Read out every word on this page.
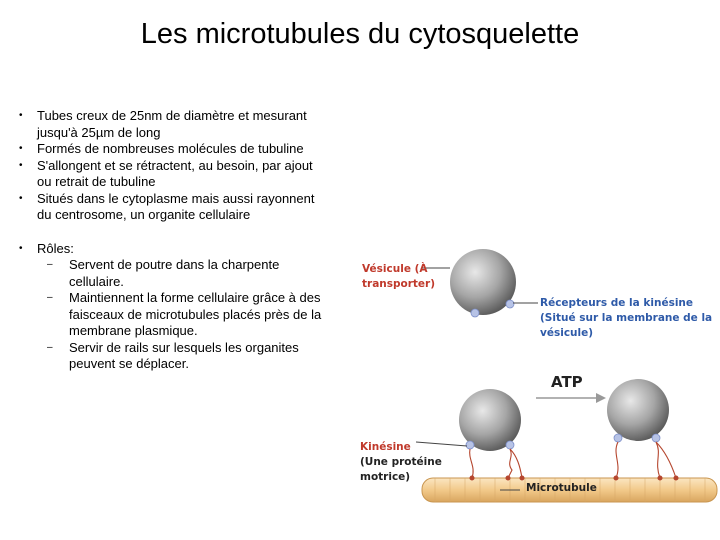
Les microtubules du cytosquelette
• Tubes creux de 25nm de diamètre et mesurant jusqu'à 25µm de long
• Formés de nombreuses molécules de tubuline
• S'allongent et se rétractent, au besoin, par ajout ou retrait de tubuline
• Situés dans le cytoplasme mais aussi rayonnent du centrosome, un organite cellulaire
• Rôles:
– Servent de poutre dans la charpente cellulaire.
– Maintiennent la forme cellulaire grâce à des faisceaux de microtubules placés près de la membrane plasmique.
– Servir de rails sur lesquels les organites peuvent se déplacer.
Vésicule (À transporter)
Récepteurs de la kinésine (Situé sur la membrane de la vésicule)
ATP
Kinésine
(Une protéine motrice)
Microtubule
